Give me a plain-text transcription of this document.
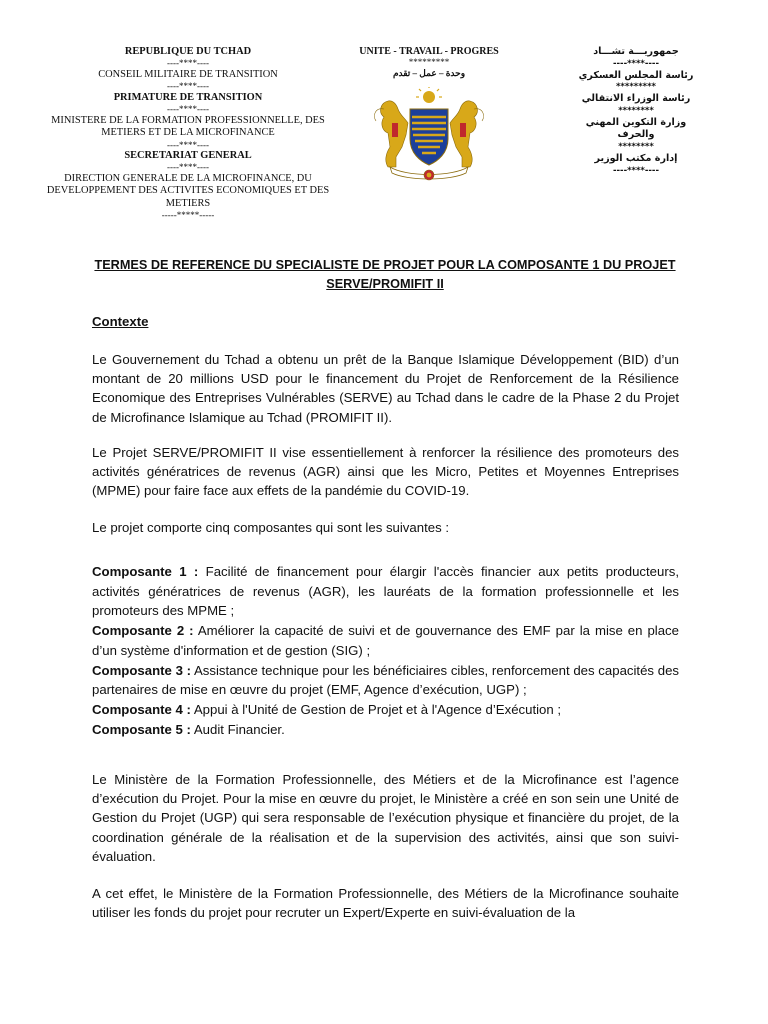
REPUBLIQUE DU TCHAD
----****----
CONSEIL MILITAIRE DE TRANSITION
----****----
PRIMATURE DE TRANSITION
----****----
MINISTERE DE LA FORMATION PROFESSIONNELLE, DES METIERS ET DE LA MICROFINANCE
----****----
SECRETARIAT GENERAL
----****----
DIRECTION GENERALE DE LA MICROFINANCE, DU DEVELOPPEMENT DES ACTIVITES ECONOMIQUES ET DES METIERS
-----*****-----
UNITE - TRAVAIL - PROGRES
*********
وحدة – عمل – تقدم
جمهوريـــة تشـــاد
----****----
رئاسة المجلس العسكري
*********
رئاسة الوزراء الانتقالي
********
وزارة التكوين المهني والحرف
********
إدارة مكتب الوزير
----****----
TERMES DE REFERENCE DU SPECIALISTE DE PROJET POUR LA COMPOSANTE 1 DU PROJET SERVE/PROMIFIT II
Contexte

Le Gouvernement du Tchad a obtenu un prêt de la Banque Islamique Développement (BID) d’un montant de 20 millions USD pour le financement du Projet de Renforcement de la Résilience Economique des Entreprises Vulnérables (SERVE) au Tchad dans le cadre de la Phase 2 du Projet de Microfinance Islamique au Tchad (PROMIFIT II).

Le Projet SERVE/PROMIFIT II vise essentiellement à renforcer la résilience des promoteurs des activités génératrices de revenus (AGR) ainsi que les Micro, Petites et Moyennes Entreprises (MPME) pour faire face aux effets de la pandémie du COVID-19.

Le projet comporte cinq composantes qui sont les suivantes :

Composante 1 : Facilité de financement pour élargir l'accès financier aux petits producteurs, activités génératrices de revenus (AGR), les lauréats de la formation professionnelle et les promoteurs des MPME ;

Composante 2 : Améliorer la capacité de suivi et de gouvernance des EMF par la mise en place d’un système d'information et de gestion (SIG) ;

Composante 3 : Assistance technique pour les bénéficiaires cibles, renforcement des capacités des partenaires de mise en œuvre du projet (EMF, Agence d’exécution, UGP) ;

Composante 4 : Appui à l'Unité de Gestion de Projet et à l'Agence d’Exécution ;

Composante 5 : Audit Financier.

Le Ministère de la Formation Professionnelle, des Métiers et de la Microfinance est l’agence d’exécution du Projet. Pour la mise en œuvre du projet, le Ministère a créé en son sein une Unité de Gestion du Projet (UGP) qui sera responsable de l’exécution physique et financière du projet, de la coordination générale de la réalisation et de la supervision des activités, ainsi que son suivi-évaluation.

A cet effet, le Ministère de la Formation Professionnelle, des Métiers de la Microfinance souhaite utiliser les fonds du projet pour recruter un Expert/Experte en suivi-évaluation de la
